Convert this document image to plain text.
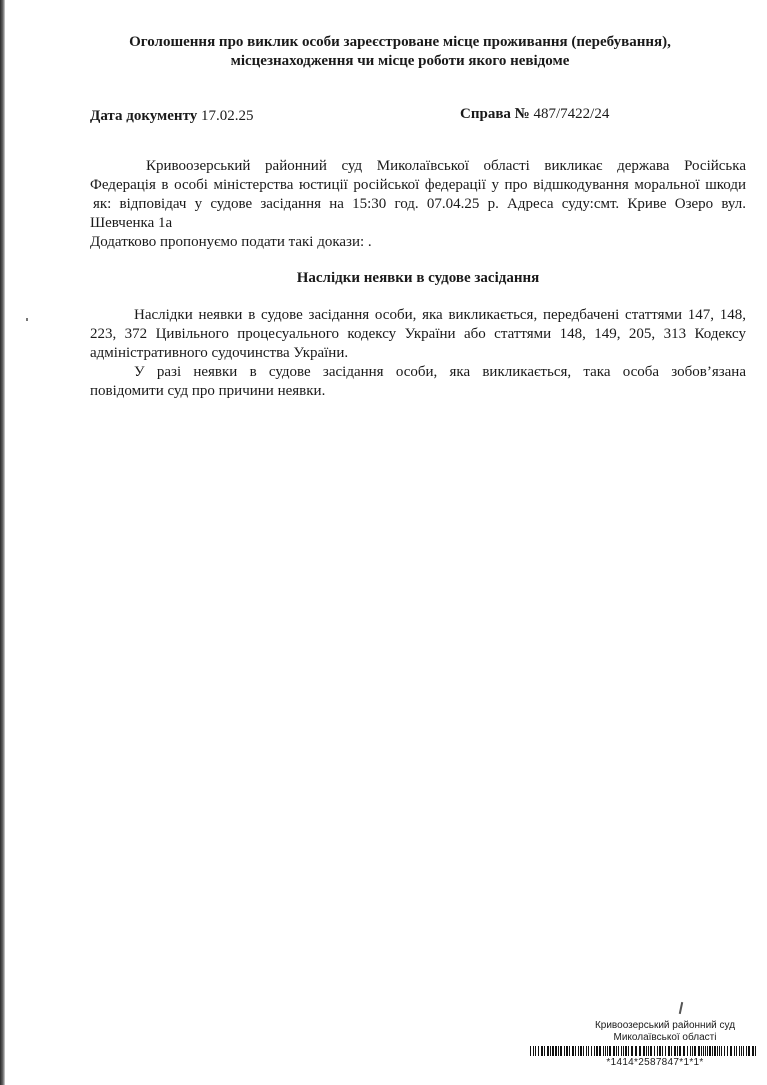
Оголошення про виклик особи зареєстроване місце проживання (перебування),
місцезнаходження чи місце роботи якого невідоме
Дата документу 17.02.25	Справа № 487/7422/24
Кривоозерський районний суд Миколаївської області викликає держава Російська
Федерація в особі міністерства юстиції російської федерації у про відшкодування моральної шкоди
як: відповідач у судове засідання на 15:30 год. 07.04.25 р. Адреса суду:смт. Криве Озеро вул.
Шевченка 1а
Додатково пропонуємо подати такі докази: .
Наслідки неявки в судове засідання
Наслідки неявки в судове засідання особи, яка викликається, передбачені статтями 147, 148,
223, 372 Цивільного процесуального кодексу України або статтями 148, 149, 205, 313 Кодексу
адміністративного судочинства України.
У разі неявки в судове засідання особи, яка викликається, така особа зобов’язана
повідомити суд про причини неявки.
Кривоозерський районний суд
Миколаївської області
*1414*2587847*1*1*
